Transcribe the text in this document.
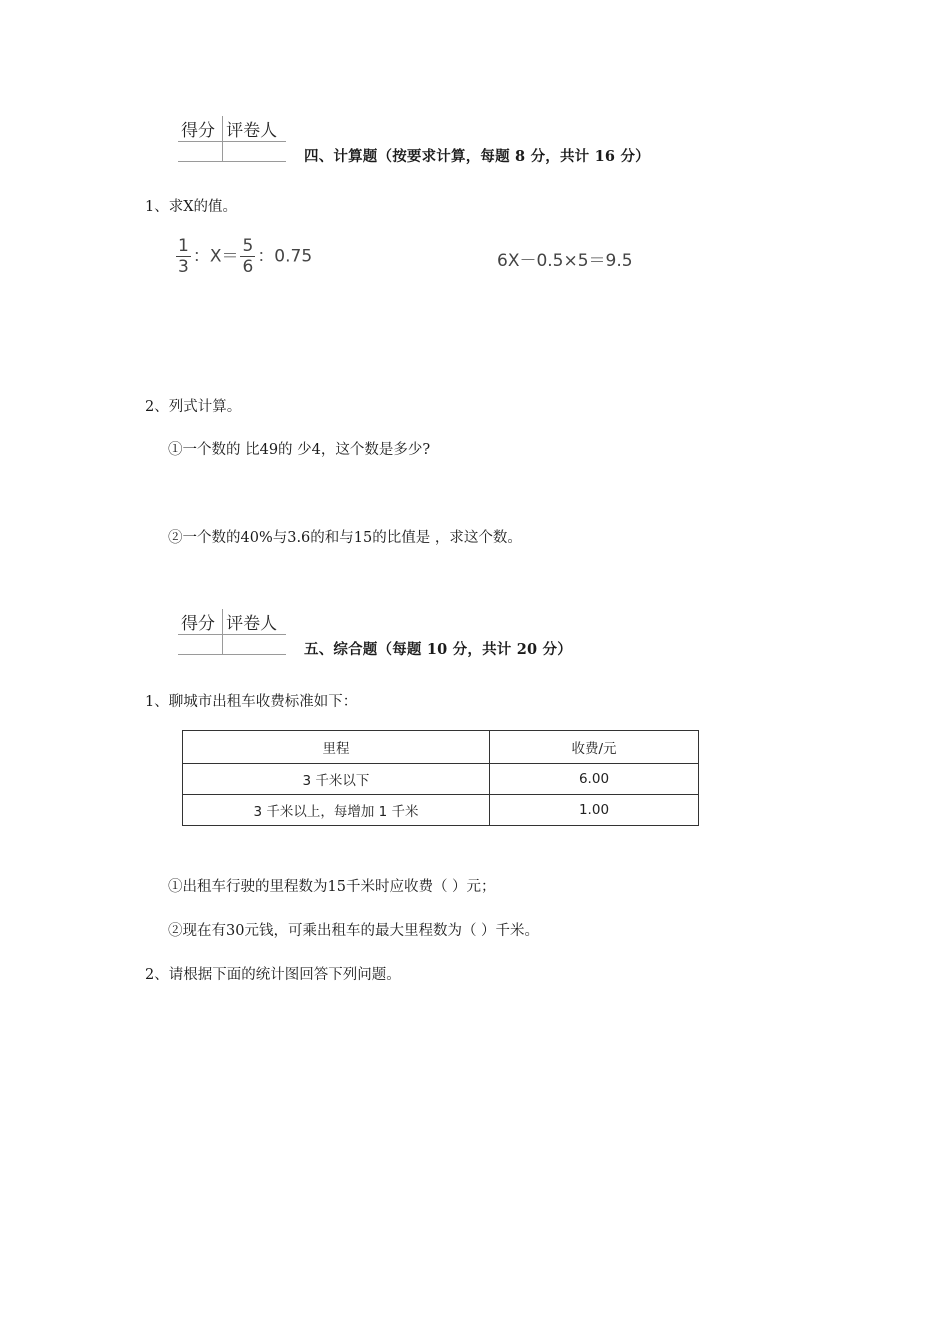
得分	评卷人

四、计算题（按要求计算，每题 8 分，共计 16 分）
1、求X的值。
$\frac{1}{3}$ ：$X= \frac{5}{6}$ ：0.75	6X－0.5×5＝9.5
2、列式计算。
①一个数的 比49的 少4，这个数是多少?
②一个数的40%与3.6的和与15的比值是 ，求这个数。
得分	评卷人

五、综合题（每题 10 分，共计 20 分）
1、聊城市出租车收费标准如下：
里程	收费/元
3 千米以下	6.00
3 千米以上，每增加 1 千米	1.00
①出租车行驶的里程数为15千米时应收费（ ）元；
②现在有30元钱，可乘出租车的最大里程数为（ ）千米。
2、请根据下面的统计图回答下列问题。
